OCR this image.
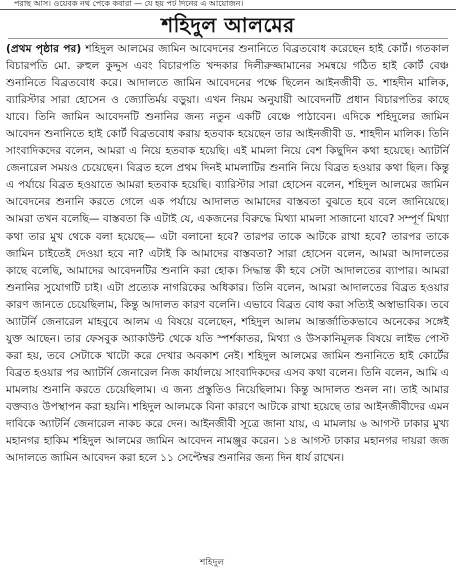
পরাছ আস। ওয়েবক নথ পেকে কবারা — যে হয় পট দিনের এ আয়োজন।
শহিদুল আলমের
(প্রথম পৃষ্ঠার পর) শহিদুল আলমের জামিন আবেদনের শুনানিতে বিব্রতবোধ করেছেন হাই কোর্ট। গতকাল বিচারপতি মো. রুহুল কুদ্দুস এবং বিচারপতি খন্দকার দিলীরুজ্জামানের সমন্বয়ে গঠিত হাই কোর্ট বেঞ্চ শুনানিতে বিব্রতবোধ করে। আদালতে জামিন আবেদনের পক্ষে ছিলেন আইনজীবী ড. শাহদীন মালিক, ব্যারিস্টার সারা হোসেন ও জ্যোতির্ময় বড়ুয়া। এখন নিয়ম অনুযায়ী আবেদনটি প্রধান বিচারপতির কাছে যাবে। তিনি জামিন আবেদনটি শুনানির জন্য নতুন একটি বেঞ্চে পাঠাবেন। এদিকে শহিদুলের জামিন আবেদন শুনানিতে হাই কোর্ট বিব্রতবোধ করায় হতবাক হয়েছেন তার আইনজীবী ড. শাহদীন মালিক। তিনি সাংবাদিকদের বলেন, আমরা এ নিয়ে হতবাক হয়েছি। এই মামলা নিয়ে বেশ কিছুদিন কথা হয়েছে। অ্যাটর্নি জেনারেল সময়ও চেয়েছেন। বিব্রত হলে প্রথম দিনই মামলাটির শুনানি নিয়ে বিব্রত হওয়ার কথা ছিল। কিন্তু এ পর্যায়ে বিব্রত হওয়াতে আমরা হতবাক হয়েছি। ব্যারিস্টার সারা হোসেন বলেন, শহিদুল আলমের জামিন আবেদনের শুনানি করতে গেলে এক পর্যায়ে আদালত আমাদের বাস্তবতা বুঝতে হবে বলে জানিয়েছে। আমরা তখন বলেছি— বাস্তবতা কি এটাই যে, একজনের বিরুদ্ধে মিথ্যা মামলা সাজানো যাবে? সম্পূর্ণ মিথ্যা কথা তার মুখ থেকে বলা হয়েছে— এটা বলানো হবে? তারপর তাকে আটকে রাখা হবে? তারপর তাকে জামিন চাইতেই দেওয়া হবে না? এটাই কি আমাদের বাস্তবতা? সারা হোসেন বলেন, আমরা আদালতের কাছে বলেছি, আমাদের আবেদনটির শুনানি করা হোক। সিদ্ধান্ত কী হবে সেটা আদালতের ব্যাপার। আমরা শুনানির সুযোগটি চাই। এটা প্রত্যেক নাগরিকের অধিকার। তিনি বলেন, আমরা আদালতের বিব্রত হওয়ার কারণ জানতে চেয়েছিলাম, কিন্তু আদালত কারণ বলেনি। এভাবে বিব্রত বোধ করা সত্যিই অস্বাভাবিক। তবে অ্যাটর্নি জেনারেল মাহবুবে আলম এ বিষয়ে বলেছেন, শহিদুল আলম আন্তর্জাতিকভাবে অনেকের সঙ্গেই যুক্ত আছেন। তার ফেসবুক অ্যাকাউন্ট থেকে যতি স্পর্শকাতর, মিথ্যা ও উসকানিমূলক বিষয়ে লাইভ পোস্ট করা হয়, তবে সেটাকে খাটো করে দেখার অবকাশ নেই। শহিদুল আলমের জামিন শুনানিতে হাই কোর্টের বিব্রত হওয়ার পর অ্যাটর্নি জেনারেল নিজ কার্যালয়ে সাংবাদিকদের এসব কথা বলেন। তিনি বলেন, আমি এ মামলায় শুনানি করতে চেয়েছিলাম। এ জন্য প্রস্তুতিও নিয়েছিলাম। কিন্তু আদালত শুনল না। তাই আমার বক্তব্যও উপস্থাপন করা হয়নি। শহিদুল আলমকে বিনা কারণে আটকে রাখা হয়েছে তার আইনজীবীদের এমন দাবিকে অ্যাটর্নি জেনারেল নাকচ করে দেন। আইনজীবী সূত্রে জানা যায়, এ মামলায় ৬ আগস্ট ঢাকার মুখ্য মহানগর হাকিম শহিদুল আলমের জামিন আবেদন নামঞ্জুর করেন। ১৪ আগস্ট ঢাকার মহানগর দায়রা জজ আদালতে জামিন আবেদন করা হলে ১১ সেপ্টেম্বর শুনানির জন্য দিন ধার্য রাখেন।
শহিদুল
